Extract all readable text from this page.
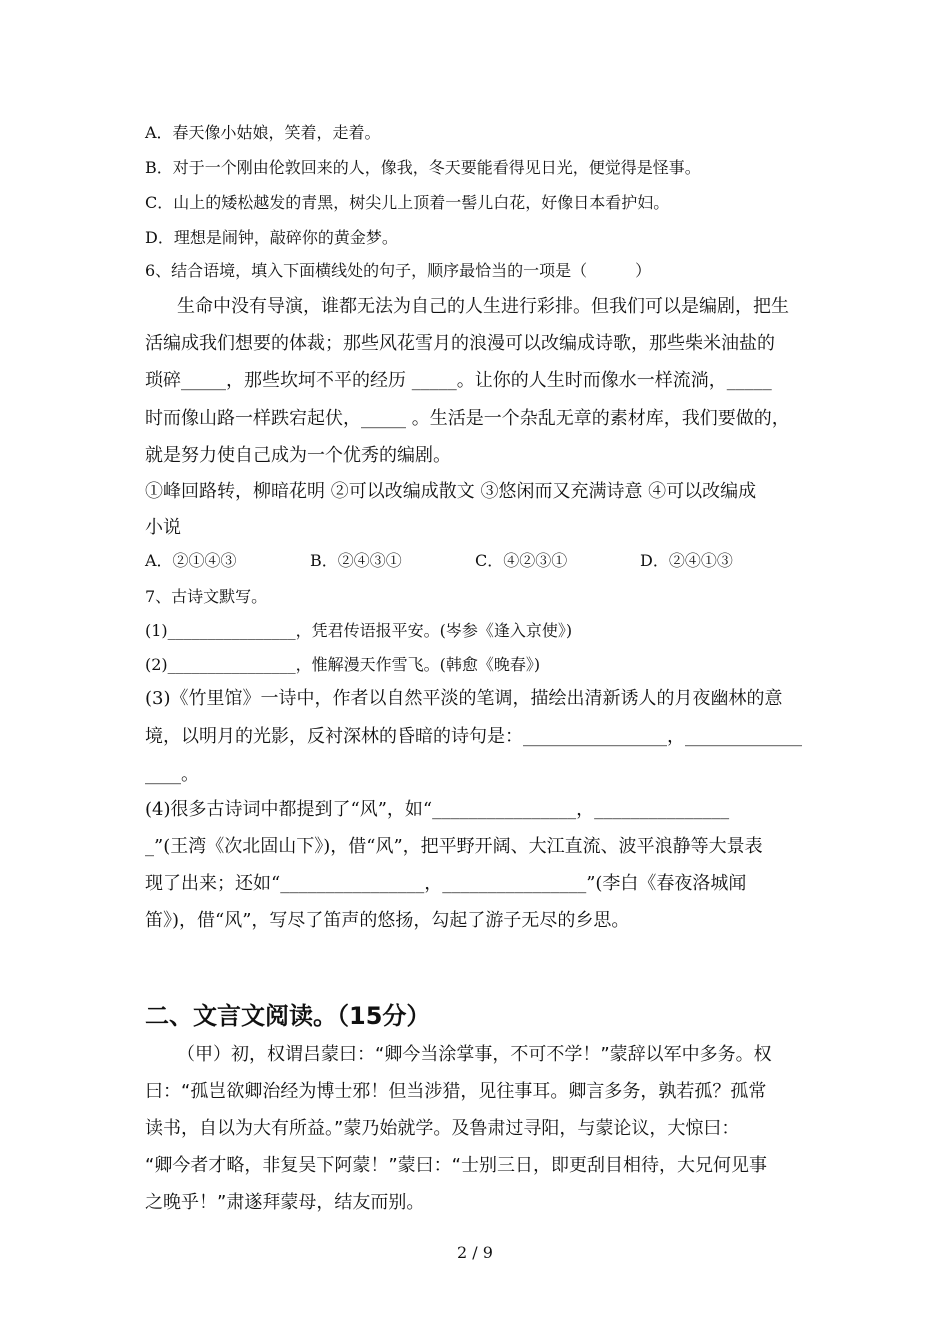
A．春天像小姑娘，笑着，走着。
B．对于一个刚由伦敦回来的人，像我，冬天要能看得见日光，便觉得是怪事。
C．山上的矮松越发的青黑，树尖儿上顶着一髻儿白花，好像日本看护妇。
D．理想是闹钟，敲碎你的黄金梦。
6、结合语境，填入下面横线处的句子，顺序最恰当的一项是（　　　）
生命中没有导演，谁都无法为自己的人生进行彩排。但我们可以是编剧，把生
活编成我们想要的体裁；那些风花雪月的浪漫可以改编成诗歌，那些柴米油盐的
琐碎_____，那些坎坷不平的经历 _____。让你的人生时而像水一样流淌，_____
时而像山路一样跌宕起伏，_____ 。生活是一个杂乱无章的素材库，我们要做的，
就是努力使自己成为一个优秀的编剧。
①峰回路转，柳暗花明 ②可以改编成散文 ③悠闲而又充满诗意 ④可以改编成
小说
A．②①④③	B．②④③①	C．④②③①	D．②④①③
7、古诗文默写。
(1)________________，凭君传语报平安。(岑参《逢入京使》)
(2)________________，惟解漫天作雪飞。(韩愈《晚春》)
(3)《竹里馆》一诗中，作者以自然平淡的笔调，描绘出清新诱人的月夜幽林的意
境，以明月的光影，反衬深林的昏暗的诗句是：________________，_____________
____。
(4)很多古诗词中都提到了“风”，如“________________，_______________
_”(王湾《次北固山下》)，借“风”，把平野开阔、大江直流、波平浪静等大景表
现了出来；还如“________________，________________”(李白《春夜洛城闻
笛》)，借“风”，写尽了笛声的悠扬，勾起了游子无尽的乡思。
二、文言文阅读。（15分）
（甲）初，权谓吕蒙曰：“卿今当涂掌事，不可不学！”蒙辞以军中多务。权
曰：“孤岂欲卿治经为博士邪！但当涉猎，见往事耳。卿言多务，孰若孤？孤常
读书，自以为大有所益。”蒙乃始就学。及鲁肃过寻阳，与蒙论议，大惊曰：
“卿今者才略，非复吴下阿蒙！”蒙曰：“士别三日，即更刮目相待，大兄何见事
之晚乎！”肃遂拜蒙母，结友而别。
2 / 9
